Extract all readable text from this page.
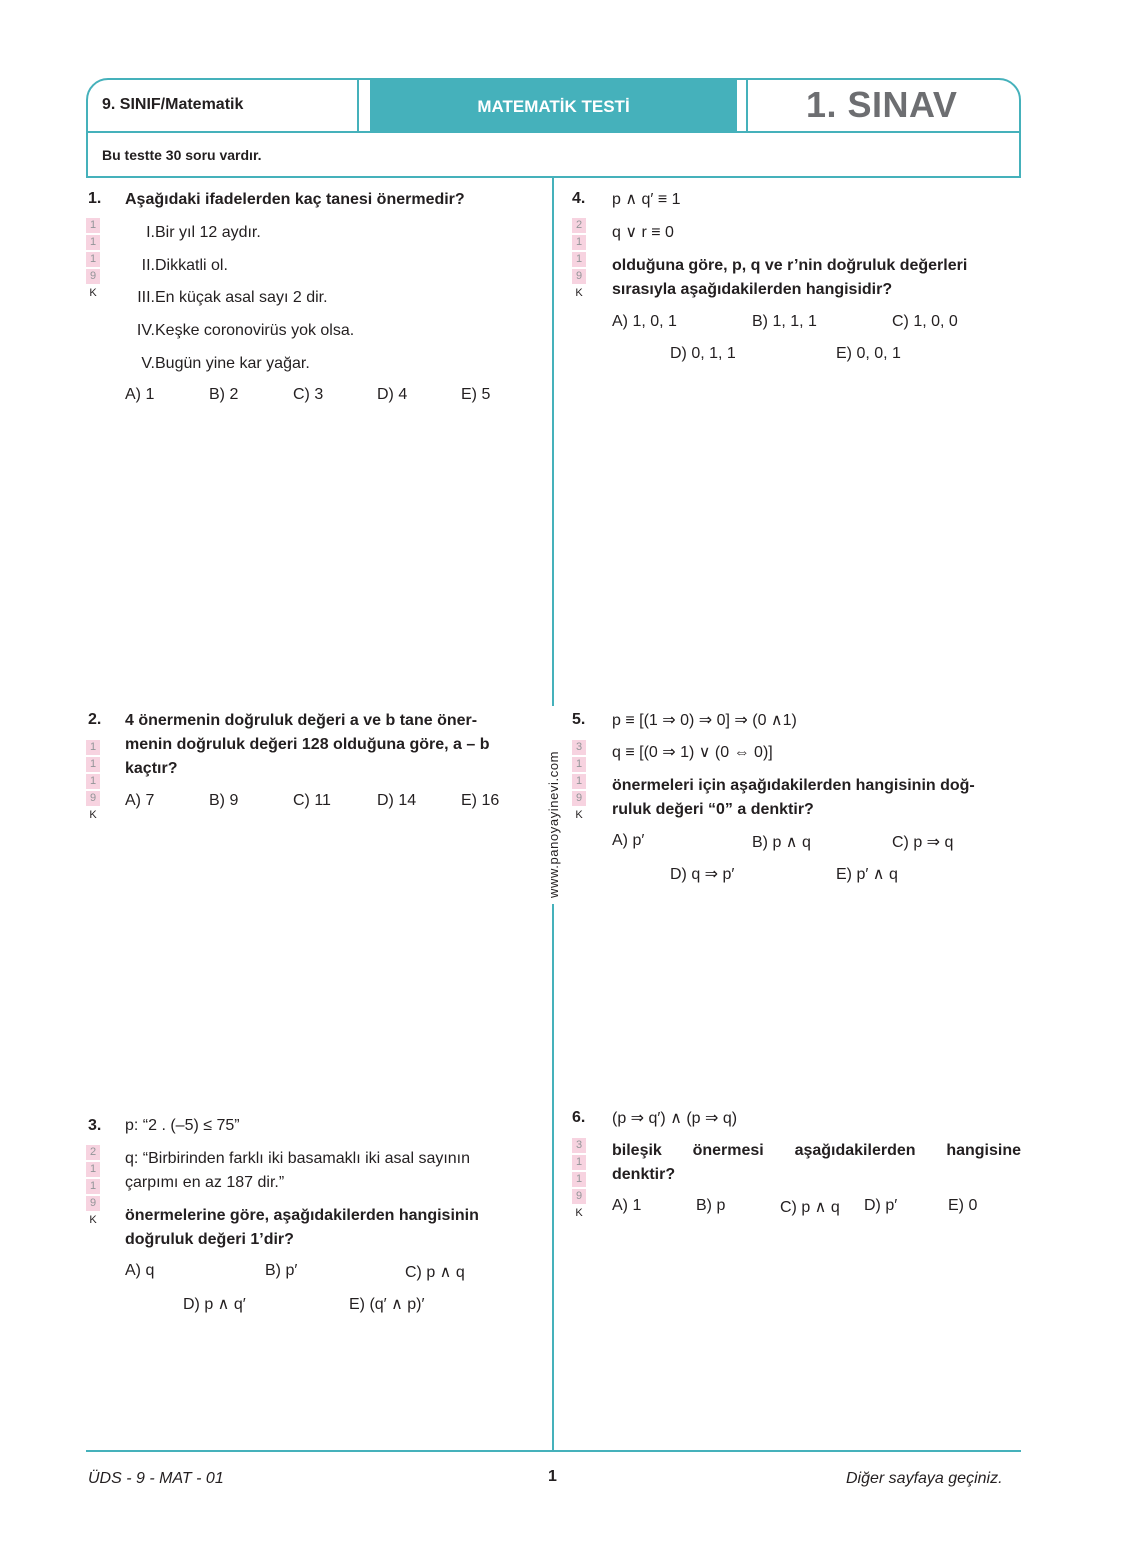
9. SINIF/Matematik	MATEMATİK TESTİ	1. SINAV
Bu testte 30 soru vardır.
www.panoyayinevi.com
1.
1
1
1
9
K
Aşağıdaki ifadelerden kaç tanesi önermedir?
I. Bir yıl 12 aydır.
II. Dikkatli ol.
III. En küçak asal sayı 2 dir.
IV. Keşke coronovirüs yok olsa.
V. Bugün yine kar yağar.
A) 1	B) 2	C) 3	D) 4	E) 5
2.
1
1
1
9
K
4 önermenin doğruluk değeri a ve b tane öner-
menin doğruluk değeri 128 olduğuna göre, a – b
kaçtır?
A) 7	B) 9	C) 11	D) 14	E) 16
3.
2
1
1
9
K
p: “2 . (–5) ≤ 75”
q: “Birbirinden farklı iki basamaklı iki asal sayının
çarpımı en az 187 dir.”
önermelerine göre, aşağıdakilerden hangisinin
doğruluk değeri 1’dir?
A) q	B) p′	C) p ∧ q
D) p ∧ q′	E) (q′ ∧ p)′
4.
2
1
1
9
K
p ∧ q′ ≡ 1
q ∨ r ≡ 0
olduğuna göre, p, q ve r’nin doğruluk değerleri
sırasıyla aşağıdakilerden hangisidir?
A) 1, 0, 1	B) 1, 1, 1	C) 1, 0, 0
D) 0, 1, 1	E) 0, 0, 1
5.
3
1
1
9
K
p ≡ [(1 ⇒ 0) ⇒ 0] ⇒ (0 ∧1)
q ≡ [(0 ⇒ 1) ∨ (0 ⇔ 0)]
önermeleri için aşağıdakilerden hangisinin doğ-
ruluk değeri “0” a denktir?
A) p′	B) p ∧ q	C) p ⇒ q
D) q ⇒ p′	E) p′ ∧ q
6.
3
1
1
9
K
(p ⇒ q′) ∧ (p ⇒ q)
bileşik önermesi aşağıdakilerden hangisine
denktir?
A) 1	B) p	C) p ∧ q D) p′	E) 0
ÜDS - 9 - MAT - 01	1	Diğer sayfaya geçiniz.
